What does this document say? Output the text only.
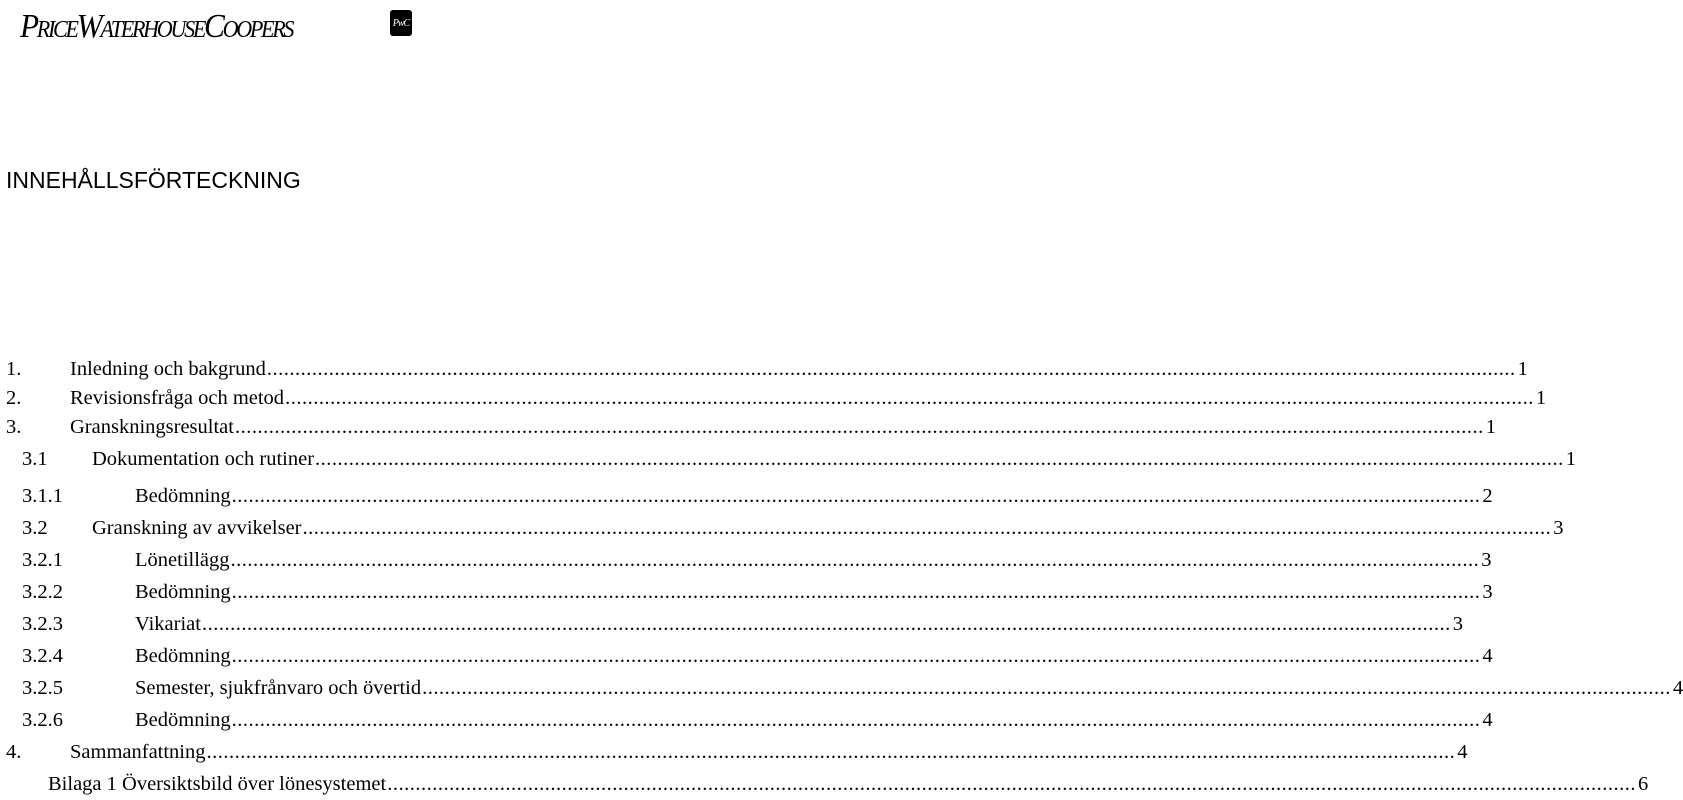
PriceWaterhouseCoopers	PwC
INNEHÅLLSFÖRTECKNING
1.	Inledning och bakgrund .............................................................................................................................................................................................................................. 1
2.	Revisionsfråga och metod .............................................................................................................................................................................................................................. 1
3.	Granskningsresultat .............................................................................................................................................................................................................................. 1
3.1	Dokumentation och rutiner .............................................................................................................................................................................................................................. 1
3.1.1	Bedömning .............................................................................................................................................................................................................................. 2
3.2	Granskning av avvikelser .............................................................................................................................................................................................................................. 3
3.2.1	Lönetillägg .............................................................................................................................................................................................................................. 3
3.2.2	Bedömning .............................................................................................................................................................................................................................. 3
3.2.3	Vikariat .............................................................................................................................................................................................................................. 3
3.2.4	Bedömning .............................................................................................................................................................................................................................. 4
3.2.5	Semester, sjukfrånvaro och övertid .............................................................................................................................................................................................................................. 4
3.2.6	Bedömning .............................................................................................................................................................................................................................. 4
4.	Sammanfattning .............................................................................................................................................................................................................................. 4
Bilaga 1 Översiktsbild över lönesystemet .............................................................................................................................................................................................................................. 6
